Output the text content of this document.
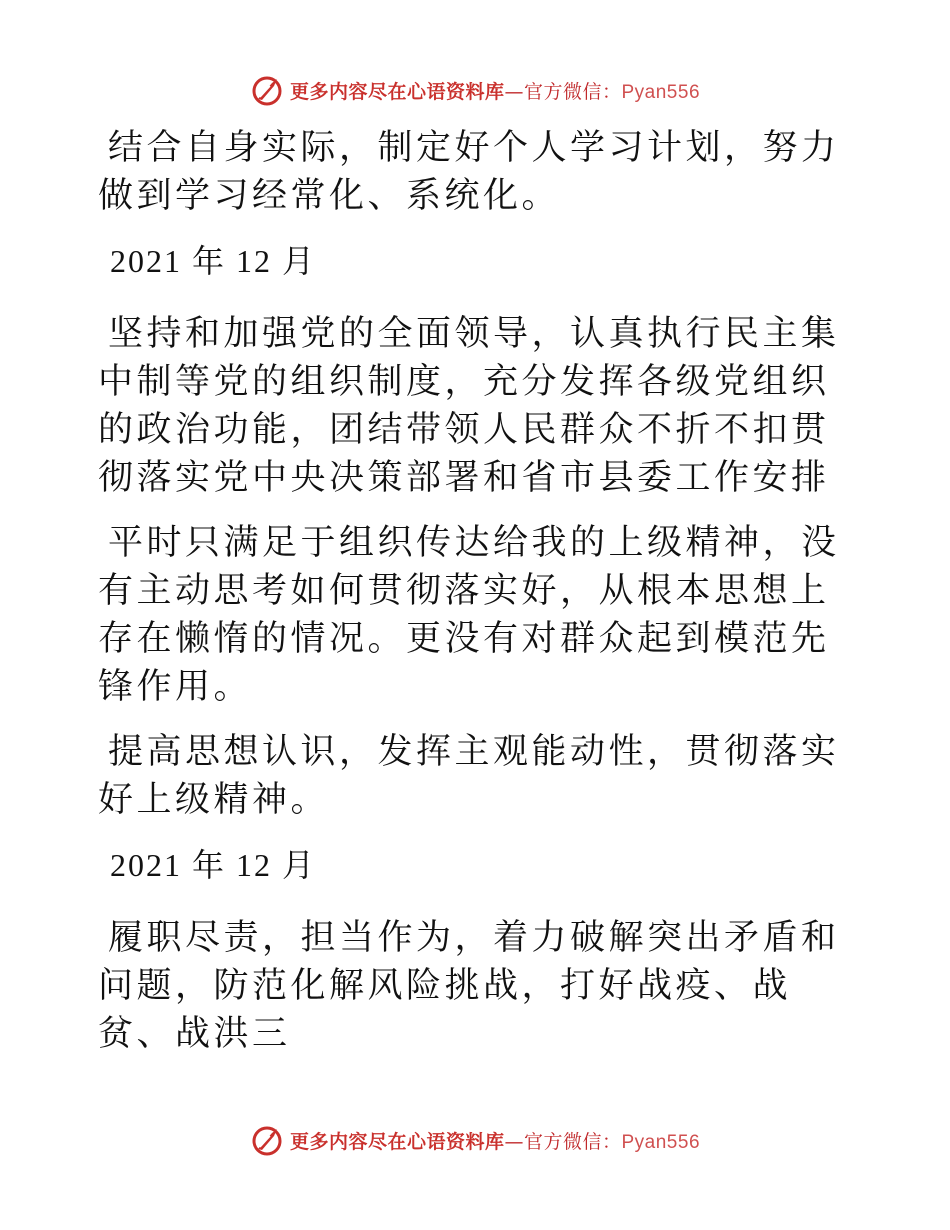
更多内容尽在心语资料库—官方微信：Pyan556

结合自身实际，制定好个人学习计划，努力做到学习经常化、系统化。

2021 年 12 月

坚持和加强党的全面领导，认真执行民主集中制等党的组织制度，充分发挥各级党组织的政治功能，团结带领人民群众不折不扣贯彻落实党中央决策部署和省市县委工作安排

平时只满足于组织传达给我的上级精神，没有主动思考如何贯彻落实好，从根本思想上存在懒惰的情况。更没有对群众起到模范先锋作用。

提高思想认识，发挥主观能动性，贯彻落实好上级精神。

2021 年 12 月

履职尽责，担当作为，着力破解突出矛盾和问题，防范化解风险挑战，打好战疫、战贫、战洪三

更多内容尽在心语资料库—官方微信：Pyan556
